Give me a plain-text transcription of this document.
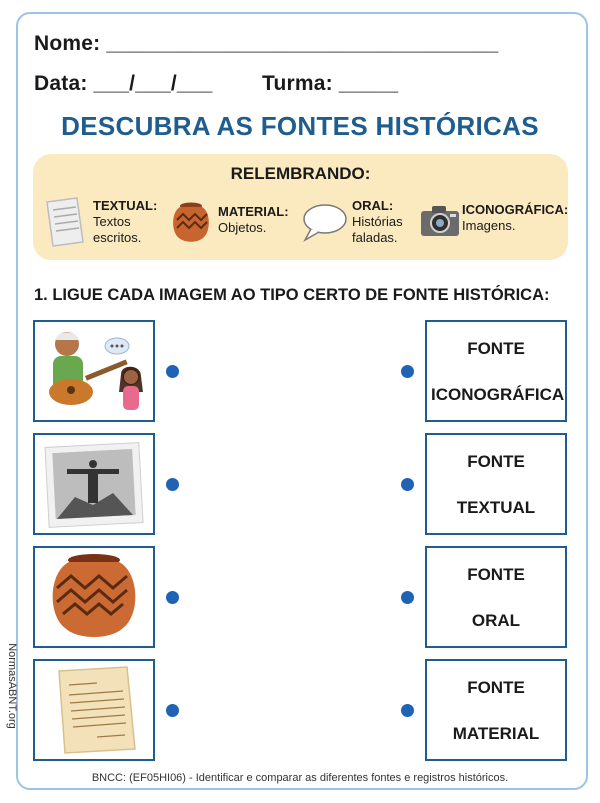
Nome: _________________________________
Data: ___/___/___ Turma: _____
DESCUBRA AS FONTES HISTÓRICAS
RELEMBRANDO:
TEXTUAL:
Textos
escritos.
MATERIAL:
Objetos.
ORAL:
Histórias
faladas.
ICONOGRÁFICA:
Imagens.
1. LIGUE CADA IMAGEM AO TIPO CERTO DE FONTE HISTÓRICA:

FONTE

ICONOGRÁFICA

FONTE

TEXTUAL

FONTE

ORAL

FONTE

MATERIAL

NormasABNT.org
BNCC: (EF05HI06) - Identificar e comparar as diferentes fontes e registros históricos.
